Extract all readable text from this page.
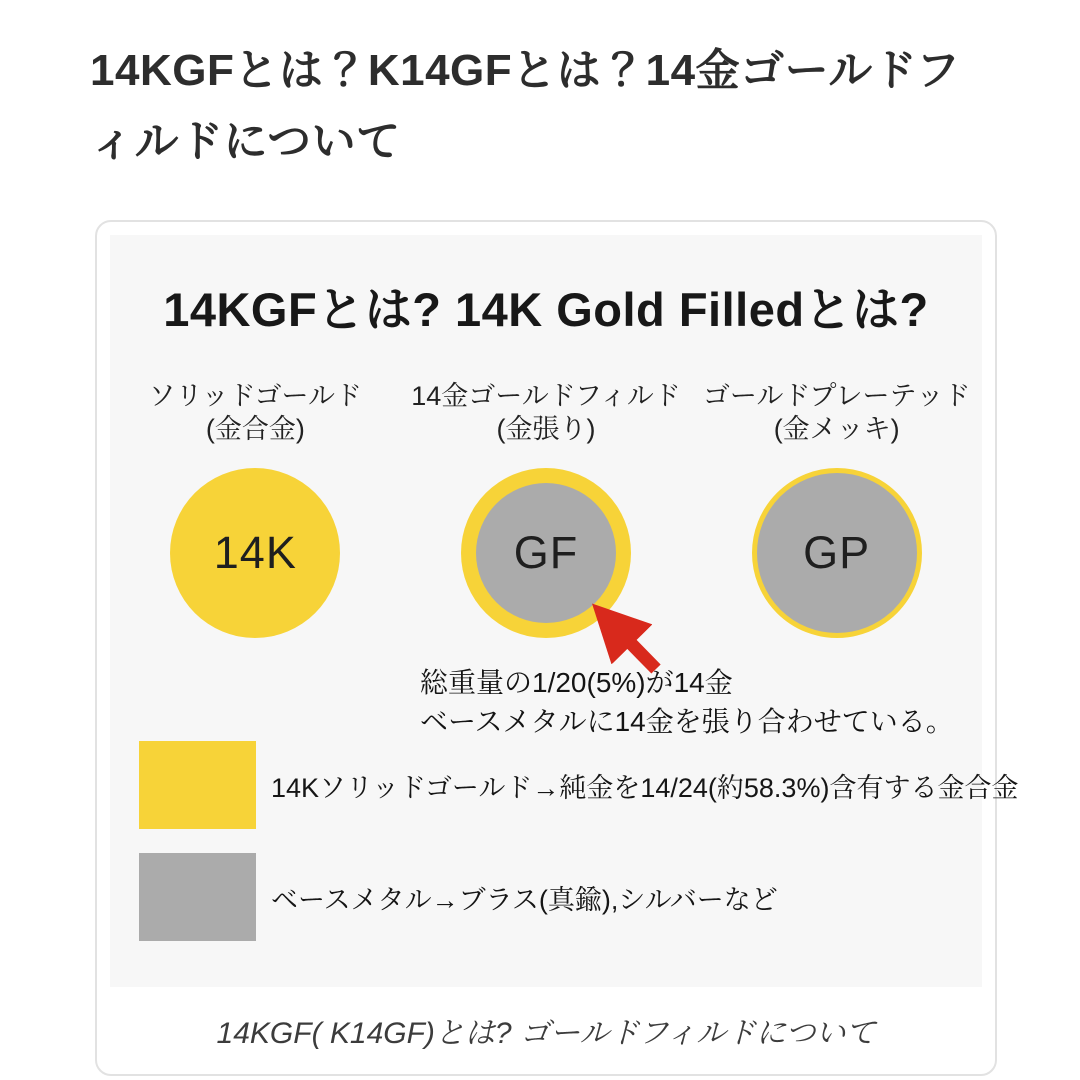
14KGFとは？K14GFとは？14金ゴールドフィルドについて
14KGFとは? 14K Gold Filledとは?
ソリッドゴールド
(金合金)
14K
14金ゴールドフィルド
(金張り)
GF
ゴールドプレーテッド
(金メッキ)
GP
総重量の1/20(5%)が14金
ベースメタルに14金を張り合わせている。
14Kソリッドゴールド→純金を14/24(約58.3%)含有する金合金
ベースメタル→ブラス(真鍮),シルバーなど
14KGF( K14GF)とは? ゴールドフィルドについて
